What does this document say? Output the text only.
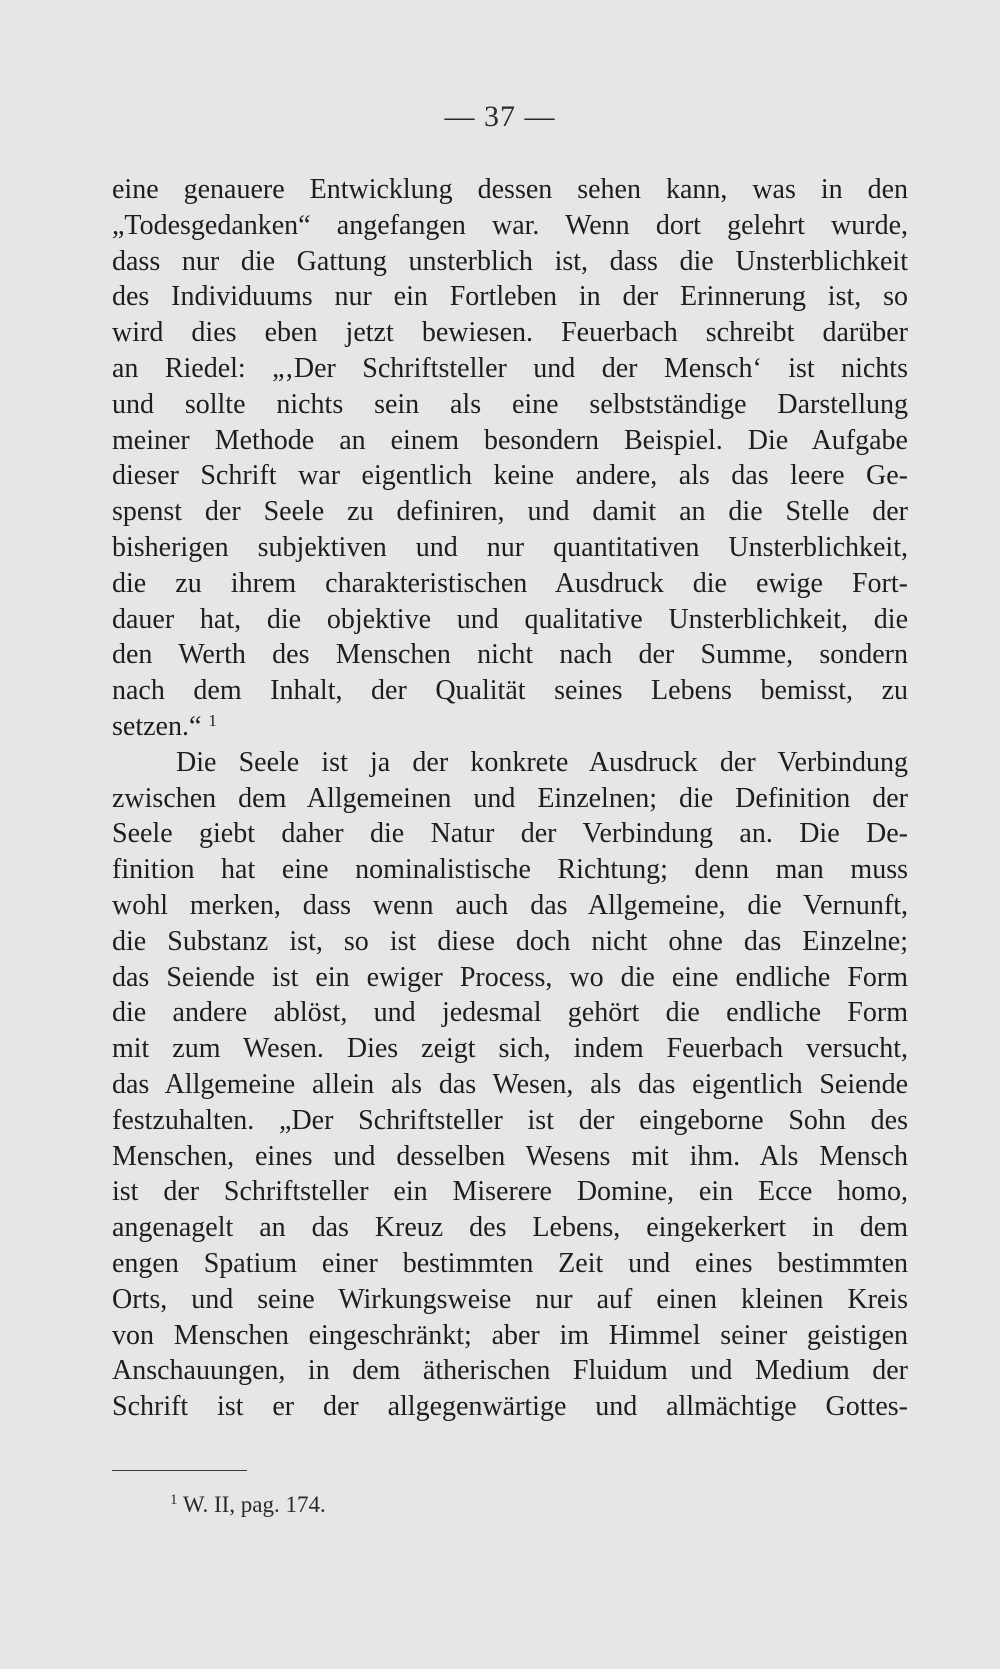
— 37 —
eine genauere Entwicklung dessen sehen kann, was in den
„Todesgedanken“ angefangen war. Wenn dort gelehrt wurde,
dass nur die Gattung unsterblich ist, dass die Unsterblichkeit
des Individuums nur ein Fortleben in der Erinnerung ist, so
wird dies eben jetzt bewiesen. Feuerbach schreibt darüber
an Riedel: „‚Der Schriftsteller und der Mensch‘ ist nichts
und sollte nichts sein als eine selbstständige Darstellung
meiner Methode an einem besondern Beispiel. Die Aufgabe
dieser Schrift war eigentlich keine andere, als das leere Ge-
spenst der Seele zu definiren, und damit an die Stelle der
bisherigen subjektiven und nur quantitativen Unsterblichkeit,
die zu ihrem charakteristischen Ausdruck die ewige Fort-
dauer hat, die objektive und qualitative Unsterblichkeit, die
den Werth des Menschen nicht nach der Summe, sondern
nach dem Inhalt, der Qualität seines Lebens bemisst, zu
setzen.“ $^1$
Die Seele ist ja der konkrete Ausdruck der Verbindung
zwischen dem Allgemeinen und Einzelnen; die Definition der
Seele giebt daher die Natur der Verbindung an. Die De-
finition hat eine nominalistische Richtung; denn man muss
wohl merken, dass wenn auch das Allgemeine, die Vernunft,
die Substanz ist, so ist diese doch nicht ohne das Einzelne;
das Seiende ist ein ewiger Process, wo die eine endliche Form
die andere ablöst, und jedesmal gehört die endliche Form
mit zum Wesen. Dies zeigt sich, indem Feuerbach versucht,
das Allgemeine allein als das Wesen, als das eigentlich Seiende
festzuhalten. „Der Schriftsteller ist der eingeborne Sohn des
Menschen, eines und desselben Wesens mit ihm. Als Mensch
ist der Schriftsteller ein Miserere Domine, ein Ecce homo,
angenagelt an das Kreuz des Lebens, eingekerkert in dem
engen Spatium einer bestimmten Zeit und eines bestimmten
Orts, und seine Wirkungsweise nur auf einen kleinen Kreis
von Menschen eingeschränkt; aber im Himmel seiner geistigen
Anschauungen, in dem ätherischen Fluidum und Medium der
Schrift ist er der allgegenwärtige und allmächtige Gottes-
$^1$ W. II, pag. 174.
